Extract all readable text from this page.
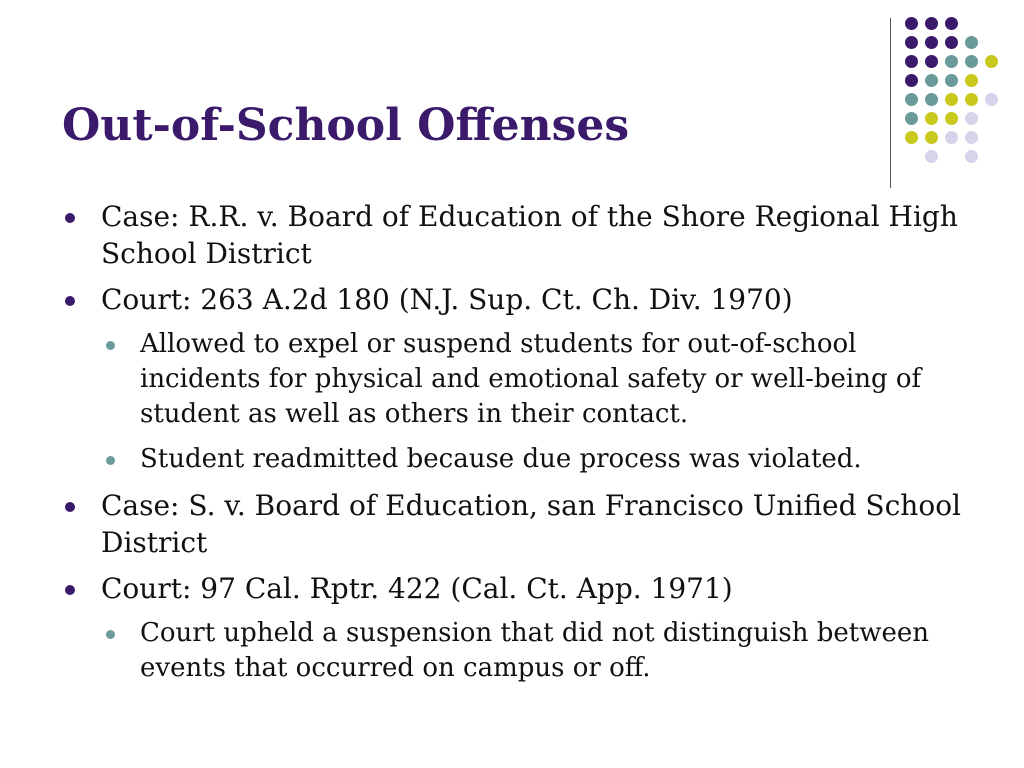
Out-of-School Offenses
Case: R.R. v. Board of Education of the Shore Regional High School District
Court: 263 A.2d 180 (N.J. Sup. Ct. Ch. Div. 1970)
Allowed to expel or suspend students for out-of-school incidents for physical and emotional safety or well-being of student as well as others in their contact.
Student readmitted because due process was violated.
Case: S. v. Board of Education, san Francisco Unified School District
Court: 97 Cal. Rptr. 422 (Cal. Ct. App. 1971)
Court upheld a suspension that did not distinguish between events that occurred on campus or off.
